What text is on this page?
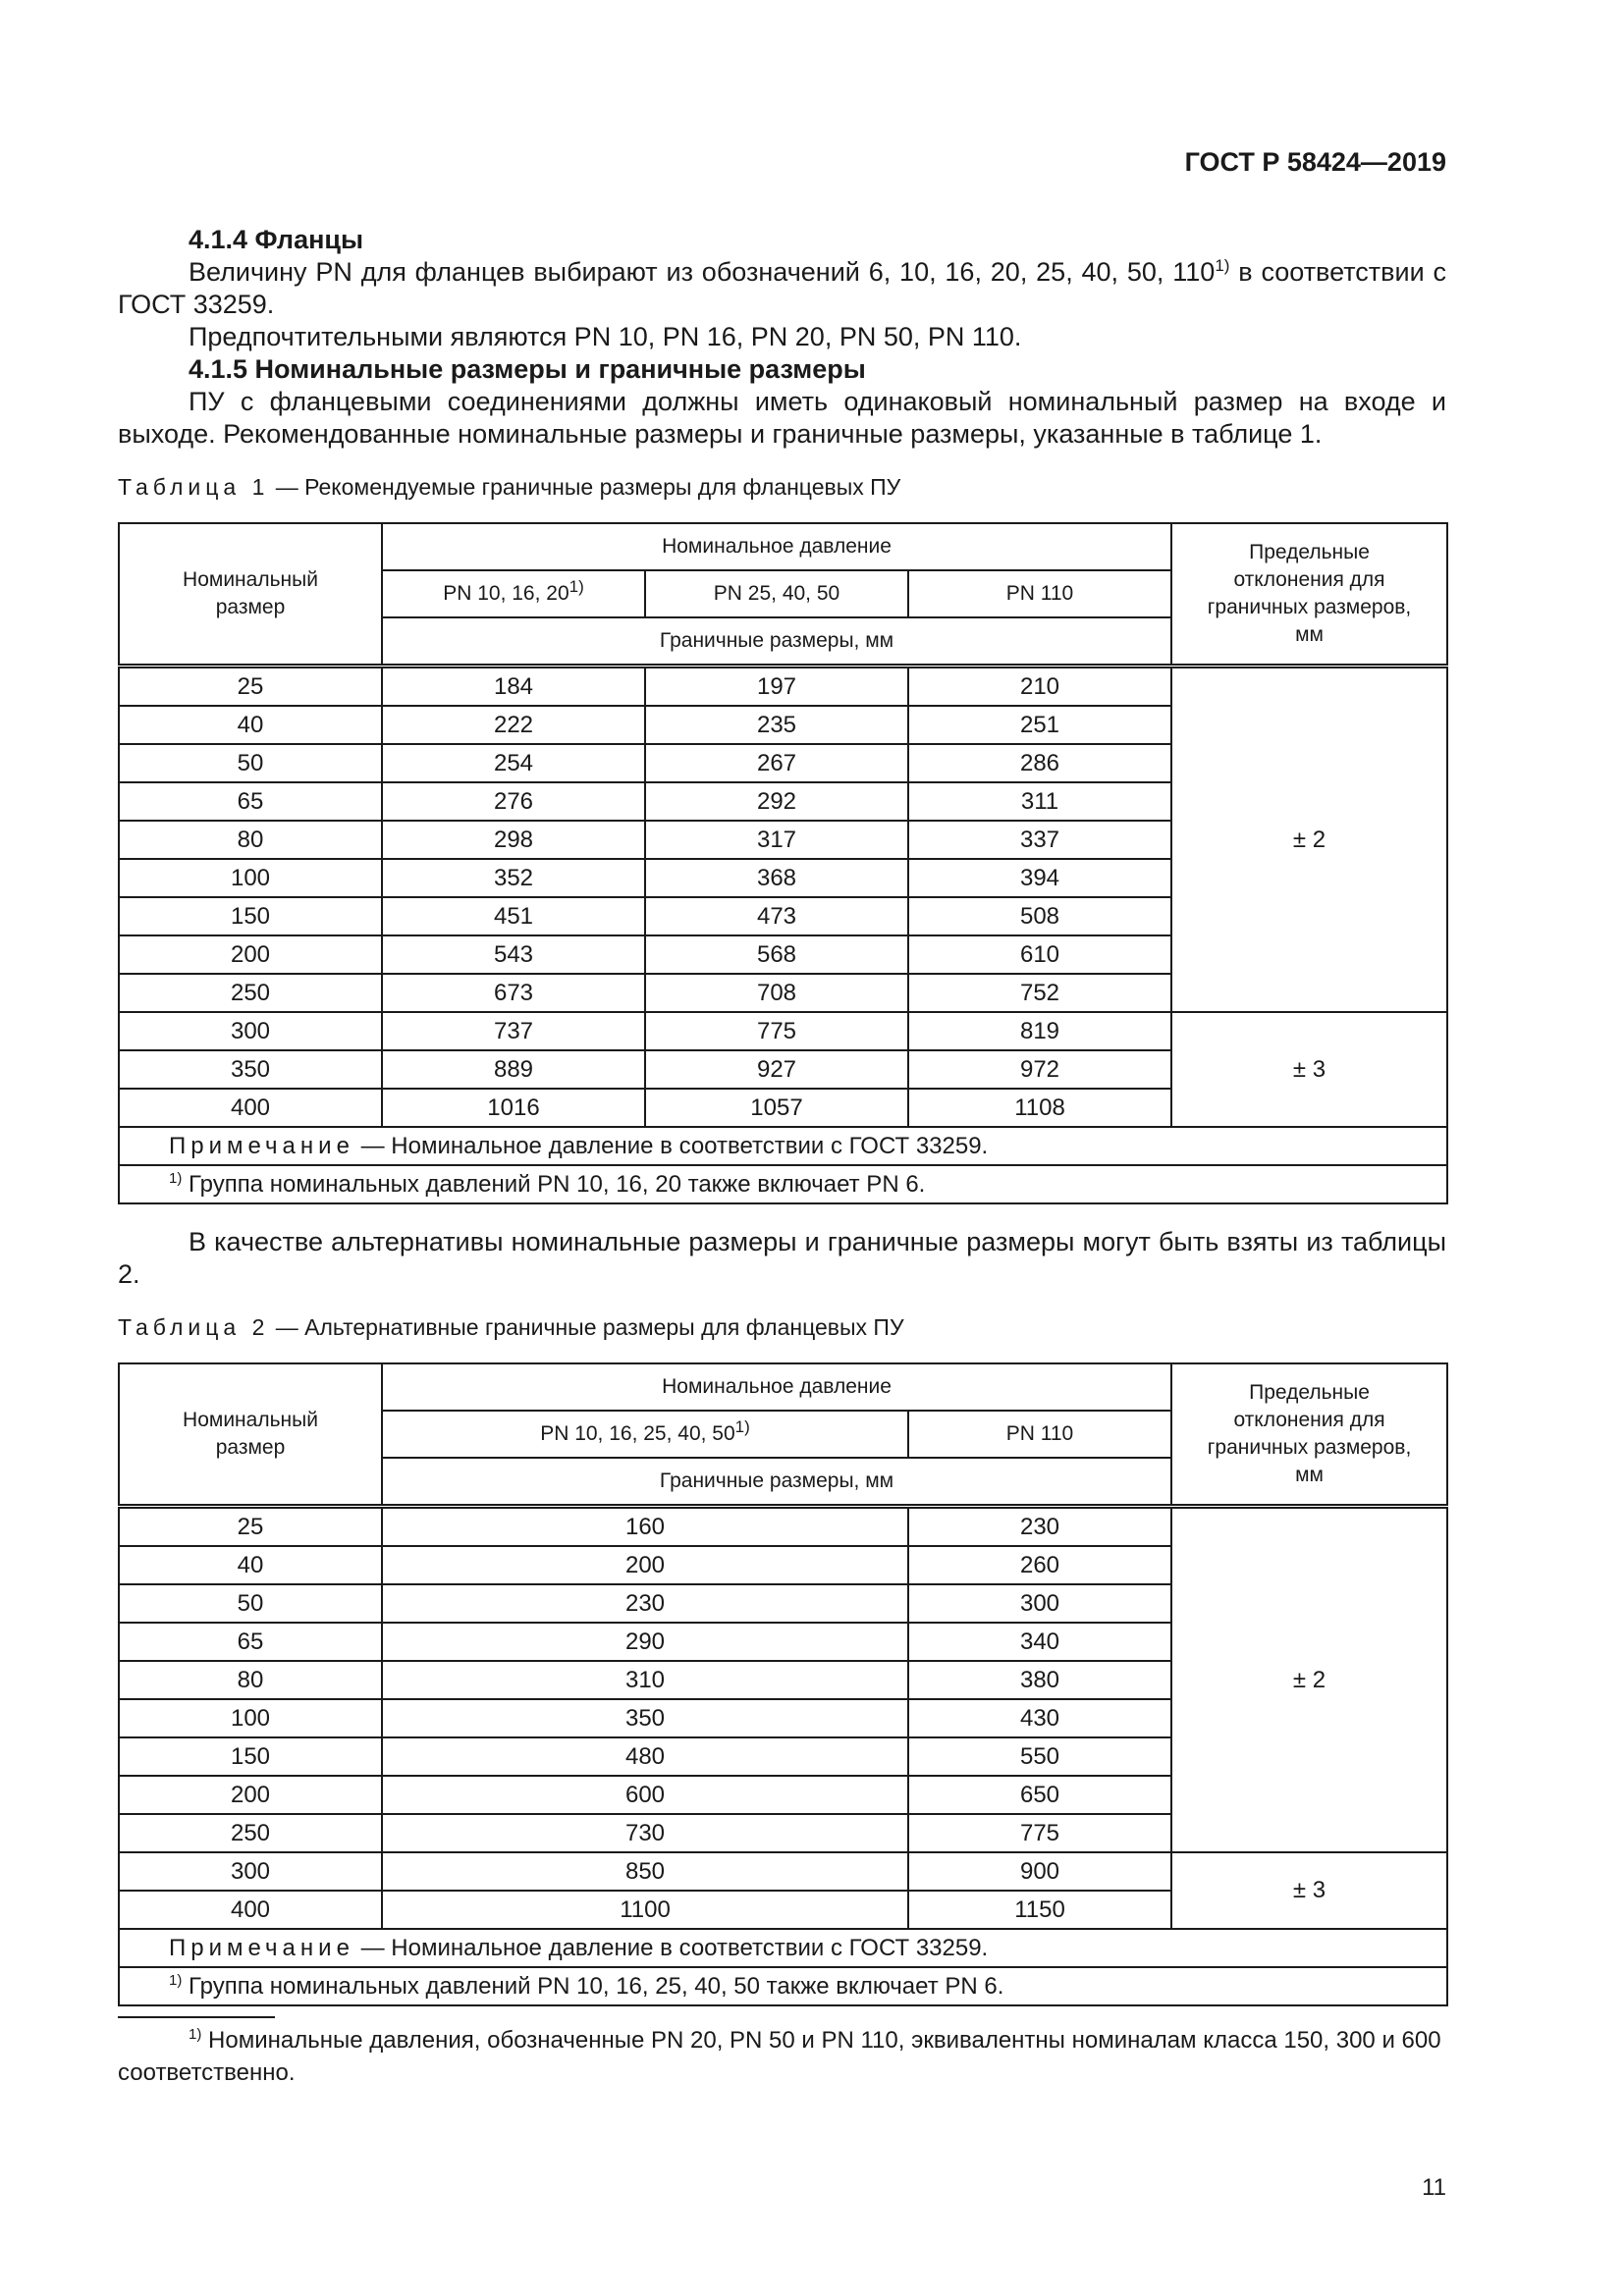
ГОСТ Р 58424—2019

4.1.4 Фланцы

Величину PN для фланцев выбирают из обозначений 6, 10, 16, 20, 25, 40, 50, 110$^{1)}$ в соответствии с ГОСТ 33259.

Предпочтительными являются PN 10, PN 16, PN 20, PN 50, PN 110.

4.1.5 Номинальные размеры и граничные размеры

ПУ с фланцевыми соединениями должны иметь одинаковый номинальный размер на входе и выходе. Рекомендованные номинальные размеры и граничные размеры, указанные в таблице 1.

Таблица 1 — Рекомендуемые граничные размеры для фланцевых ПУ
Номинальный размер	Номинальное давление			Предельные отклонения для граничных размеров, мм
	PN 10, 16, 20$^{1)}$	PN 25, 40, 50	PN 110	
	Граничные размеры, мм			
25	184	197	210	± 2
40	222	235	251	
50	254	267	286	
65	276	292	311	
80	298	317	337	
100	352	368	394	
150	451	473	508	
200	543	568	610	
250	673	708	752	
300	737	775	819	± 3
350	889	927	972	
400	1016	1057	1108	
Примечание — Номинальное давление в соответствии с ГОСТ 33259.				
$^{1)}$ Группа номинальных давлений PN 10, 16, 20 также включает PN 6.				

В качестве альтернативы номинальные размеры и граничные размеры могут быть взяты из таблицы 2.

Таблица 2 — Альтернативные граничные размеры для фланцевых ПУ
Номинальный размер	Номинальное давление		Предельные отклонения для граничных размеров, мм
	PN 10, 16, 25, 40, 50$^{1)}$	PN 110	
	Граничные размеры, мм		
25	160	230	± 2
40	200	260	
50	230	300	
65	290	340	
80	310	380	
100	350	430	
150	480	550	
200	600	650	
250	730	775	
300	850	900	± 3
400	1100	1150	
Примечание — Номинальное давление в соответствии с ГОСТ 33259.			
$^{1)}$ Группа номинальных давлений PN 10, 16, 25, 40, 50 также включает PN 6.			

$^{1)}$ Номинальные давления, обозначенные PN 20, PN 50 и PN 110, эквивалентны номиналам класса 150, 300 и 600 соответственно.

11
